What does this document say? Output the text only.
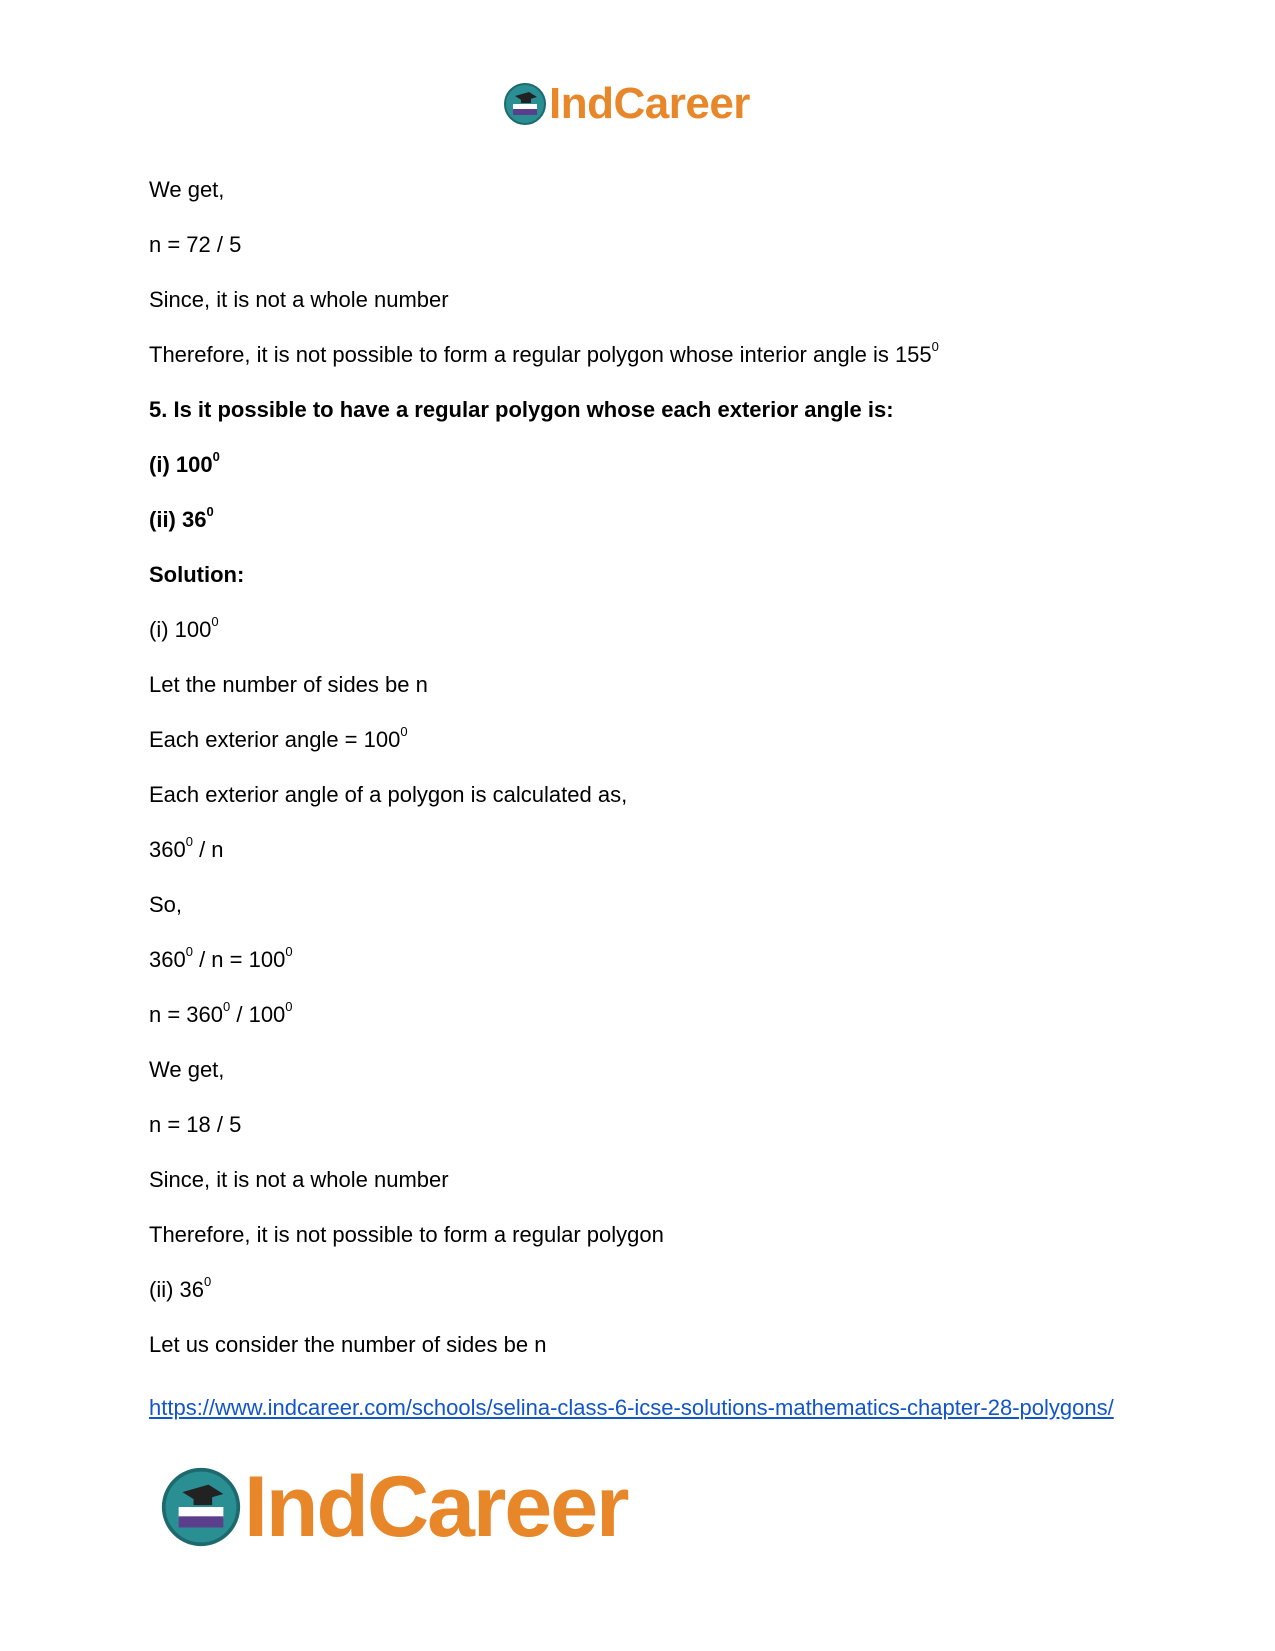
IndCareer
We get,
n = 72 / 5
Since, it is not a whole number
Therefore, it is not possible to form a regular polygon whose interior angle is $155^0$
5. Is it possible to have a regular polygon whose each exterior angle is:
(i) $100^0$
(ii) $36^0$
Solution:
(i) $100^0$
Let the number of sides be n
Each exterior angle = $100^0$
Each exterior angle of a polygon is calculated as,
$360^0$ / n
So,
$360^0 / n = 100^0$
$n = 360^0 / 100^0$
We get,
n = 18 / 5
Since, it is not a whole number
Therefore, it is not possible to form a regular polygon
(ii) $36^0$
Let us consider the number of sides be n
https://www.indcareer.com/schools/selina-class-6-icse-solutions-mathematics-chapter-28-polygons/
IndCareer
